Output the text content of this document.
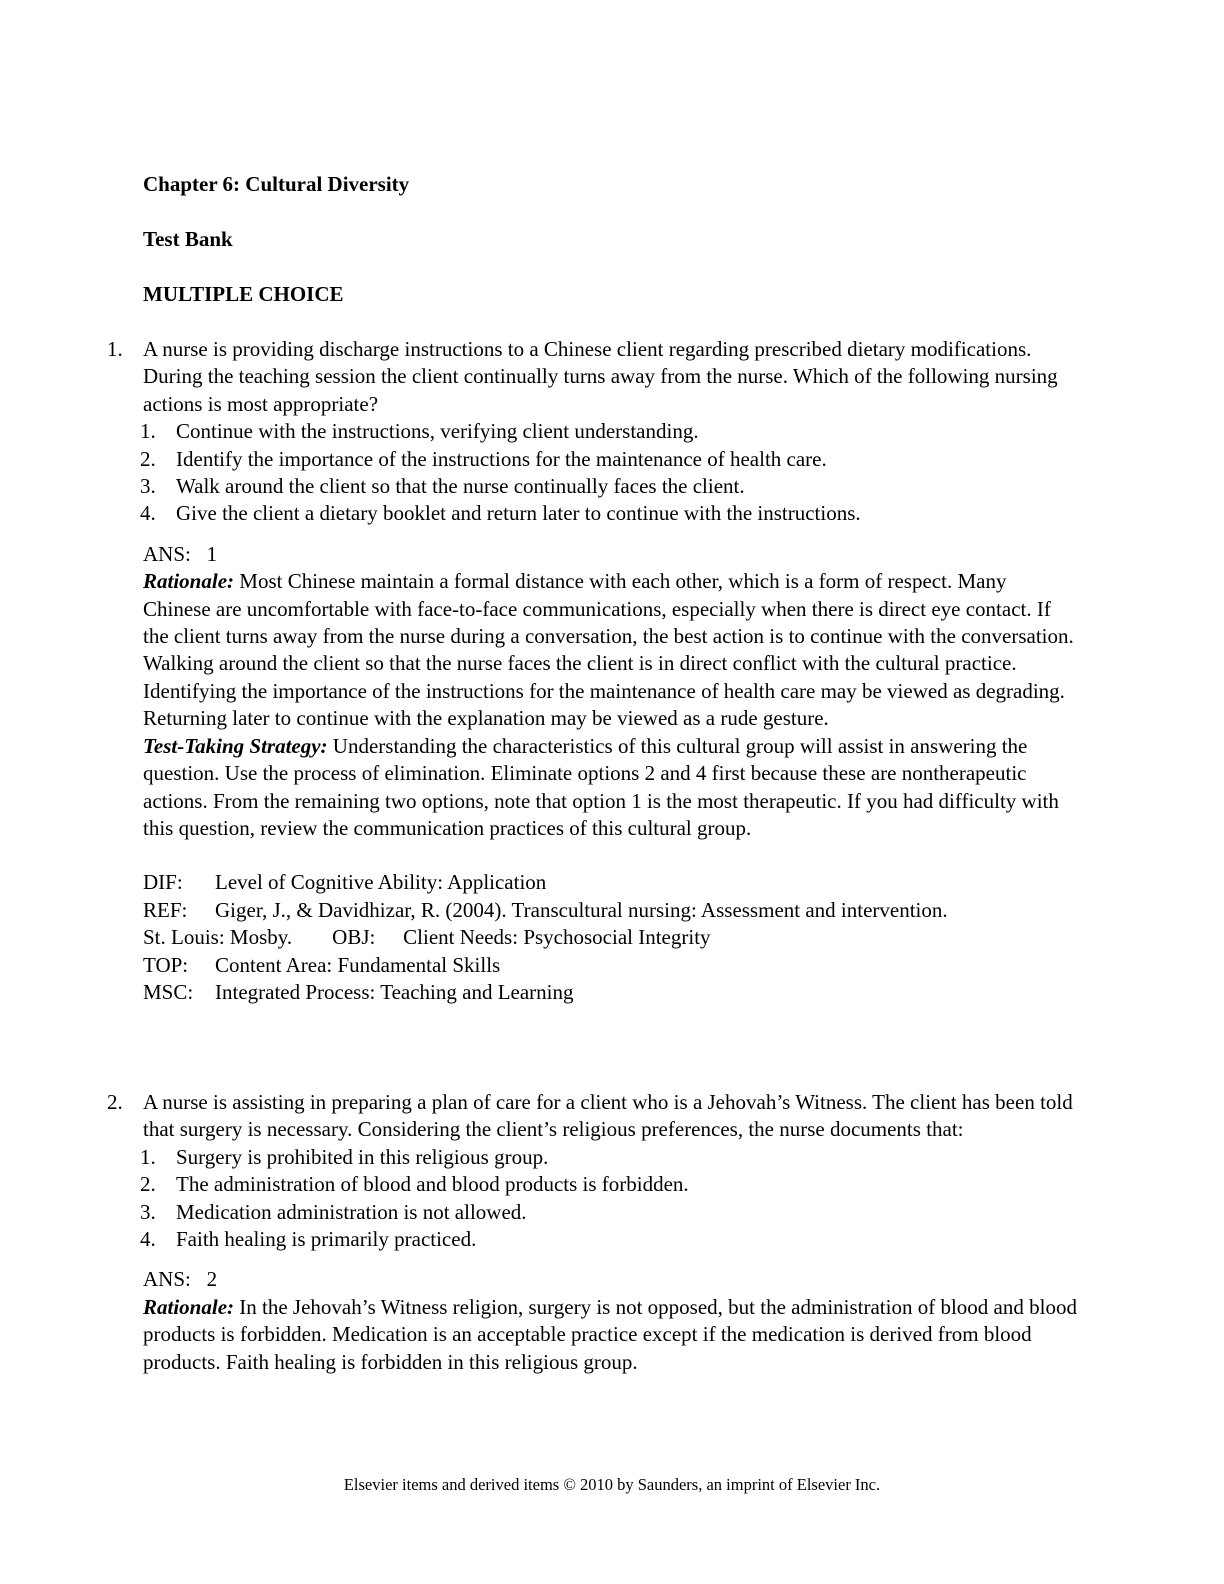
Chapter 6: Cultural Diversity
Test Bank
MULTIPLE CHOICE
1. A nurse is providing discharge instructions to a Chinese client regarding prescribed dietary modifications. During the teaching session the client continually turns away from the nurse. Which of the following nursing actions is most appropriate?
1. Continue with the instructions, verifying client understanding.
2. Identify the importance of the instructions for the maintenance of health care.
3. Walk around the client so that the nurse continually faces the client.
4. Give the client a dietary booklet and return later to continue with the instructions.
ANS: 1
Rationale: Most Chinese maintain a formal distance with each other, which is a form of respect. Many Chinese are uncomfortable with face-to-face communications, especially when there is direct eye contact. If the client turns away from the nurse during a conversation, the best action is to continue with the conversation. Walking around the client so that the nurse faces the client is in direct conflict with the cultural practice. Identifying the importance of the instructions for the maintenance of health care may be viewed as degrading. Returning later to continue with the explanation may be viewed as a rude gesture.
Test-Taking Strategy: Understanding the characteristics of this cultural group will assist in answering the question. Use the process of elimination. Eliminate options 2 and 4 first because these are nontherapeutic actions. From the remaining two options, note that option 1 is the most therapeutic. If you had difficulty with this question, review the communication practices of this cultural group.
DIF: Level of Cognitive Ability: Application
REF: Giger, J., & Davidhizar, R. (2004). Transcultural nursing: Assessment and intervention.
St. Louis: Mosby. OBJ: Client Needs: Psychosocial Integrity
TOP: Content Area: Fundamental Skills
MSC: Integrated Process: Teaching and Learning
2. A nurse is assisting in preparing a plan of care for a client who is a Jehovah’s Witness. The client has been told that surgery is necessary. Considering the client’s religious preferences, the nurse documents that:
1. Surgery is prohibited in this religious group.
2. The administration of blood and blood products is forbidden.
3. Medication administration is not allowed.
4. Faith healing is primarily practiced.
ANS: 2
Rationale: In the Jehovah’s Witness religion, surgery is not opposed, but the administration of blood and blood products is forbidden. Medication is an acceptable practice except if the medication is derived from blood products. Faith healing is forbidden in this religious group.
Elsevier items and derived items © 2010 by Saunders, an imprint of Elsevier Inc.
